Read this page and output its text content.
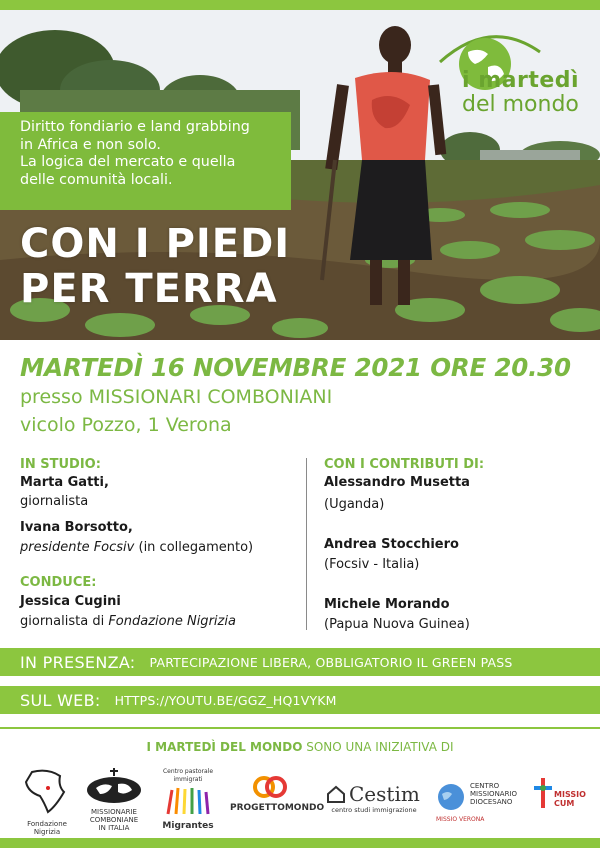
i martedì
del mondo

Diritto fondiario e land grabbing

in Africa e non solo.

La logica del mercato e quella

delle comunità locali.

CON I PIEDI
PER TERRA
MARTEDÌ 16 NOVEMBRE 2021 ORE 20.30
presso MISSIONARI COMBONIANI
vicolo Pozzo, 1 Verona
IN STUDIO:
Marta Gatti,
giornalista
Ivana Borsotto,
presidente Focsiv (in collegamento)
CONDUCE:
Jessica Cugini
giornalista di Fondazione Nigrizia
CON I CONTRIBUTI DI:
Alessandro Musetta
(Uganda)
Andrea Stocchiero
(Focsiv - Italia)
Michele Morando
(Papua Nuova Guinea)
IN PRESENZA: PARTECIPAZIONE LIBERA, OBBLIGATORIO IL GREEN PASS
SUL WEB: HTTPS://YOUTU.BE/GGZ_HQ1VYKM
I MARTEDÌ DEL MONDO SONO UNA INIZIATIVA DI
Fondazione Nigrizia
MISSIONARIE
COMBONIANE
IN ITALIA
Centro pastorale immigrati
Migrantes
PROGETTOMONDO
Cestim
centro studi immigrazione
CENTRO
MISSIONARIO
DIOCESANO
MISSIO VERONA
MISSIO
CUM
